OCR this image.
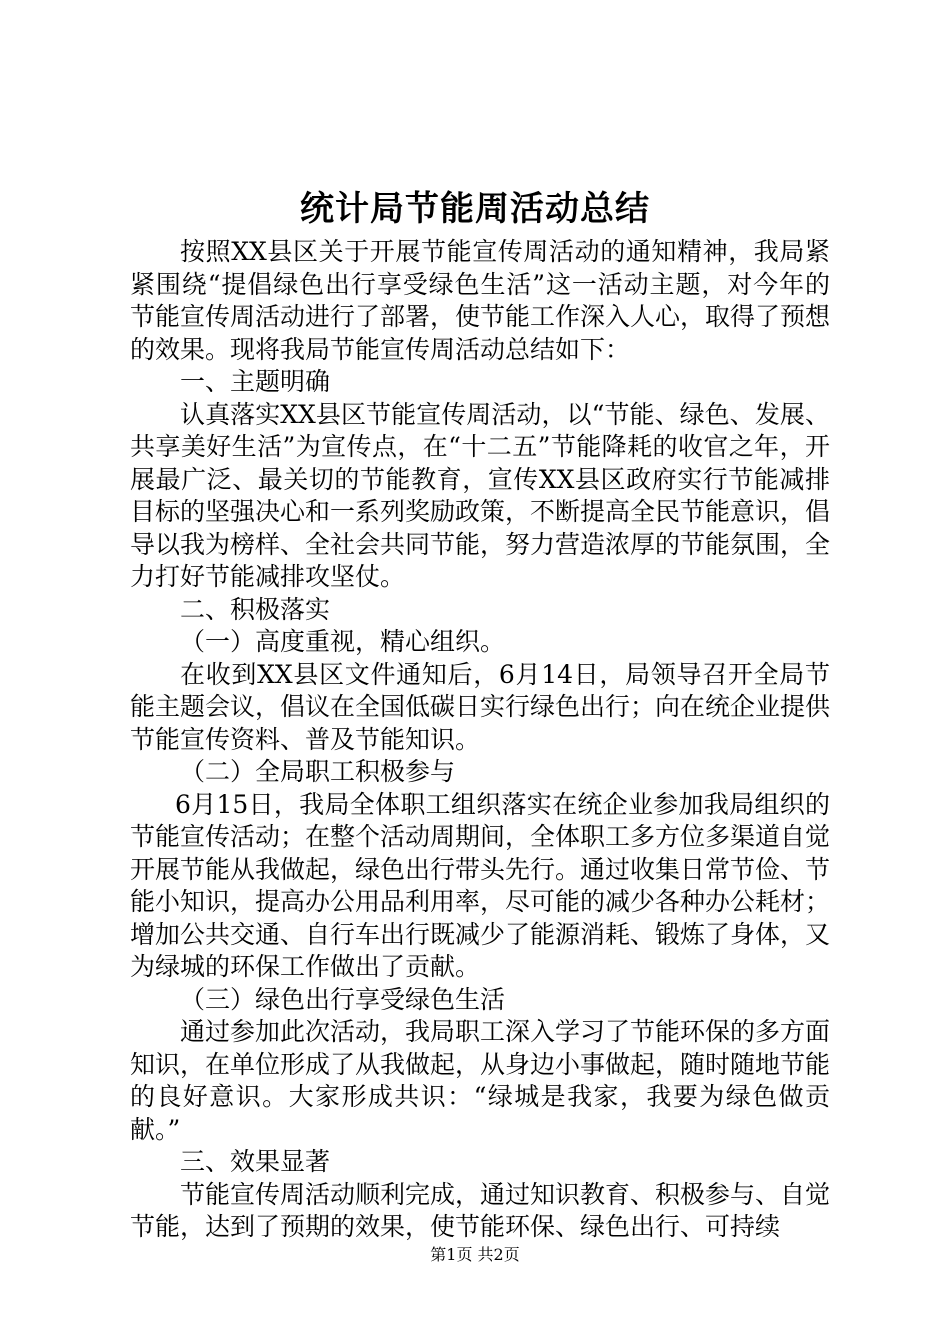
统计局节能周活动总结

按照XX县区关于开展节能宣传周活动的通知精神，我局紧紧围绕“提倡绿色出行享受绿色生活”这一活动主题，对今年的节能宣传周活动进行了部署，使节能工作深入人心，取得了预想的效果。现将我局节能宣传周活动总结如下：

一、主题明确

认真落实XX县区节能宣传周活动，以“节能、绿色、发展、共享美好生活”为宣传点，在“十二五”节能降耗的收官之年，开展最广泛、最关切的节能教育，宣传XX县区政府实行节能减排目标的坚强决心和一系列奖励政策，不断提高全民节能意识，倡导以我为榜样、全社会共同节能，努力营造浓厚的节能氛围，全力打好节能减排攻坚仗。

二、积极落实

（一）高度重视，精心组织。

在收到XX县区文件通知后，6月14日，局领导召开全局节能主题会议，倡议在全国低碳日实行绿色出行；向在统企业提供节能宣传资料、普及节能知识。

（二）全局职工积极参与

6月15日，我局全体职工组织落实在统企业参加我局组织的节能宣传活动；在整个活动周期间，全体职工多方位多渠道自觉开展节能从我做起，绿色出行带头先行。通过收集日常节俭、节能小知识，提高办公用品利用率，尽可能的减少各种办公耗材；增加公共交通、自行车出行既减少了能源消耗、锻炼了身体，又为绿城的环保工作做出了贡献。

（三）绿色出行享受绿色生活

通过参加此次活动，我局职工深入学习了节能环保的多方面知识，在单位形成了从我做起，从身边小事做起，随时随地节能的良好意识。大家形成共识：“绿城是我家，我要为绿色做贡献。”

三、效果显著

节能宣传周活动顺利完成，通过知识教育、积极参与、自觉节能，达到了预期的效果，使节能环保、绿色出行、可持续

第1页 共2页
